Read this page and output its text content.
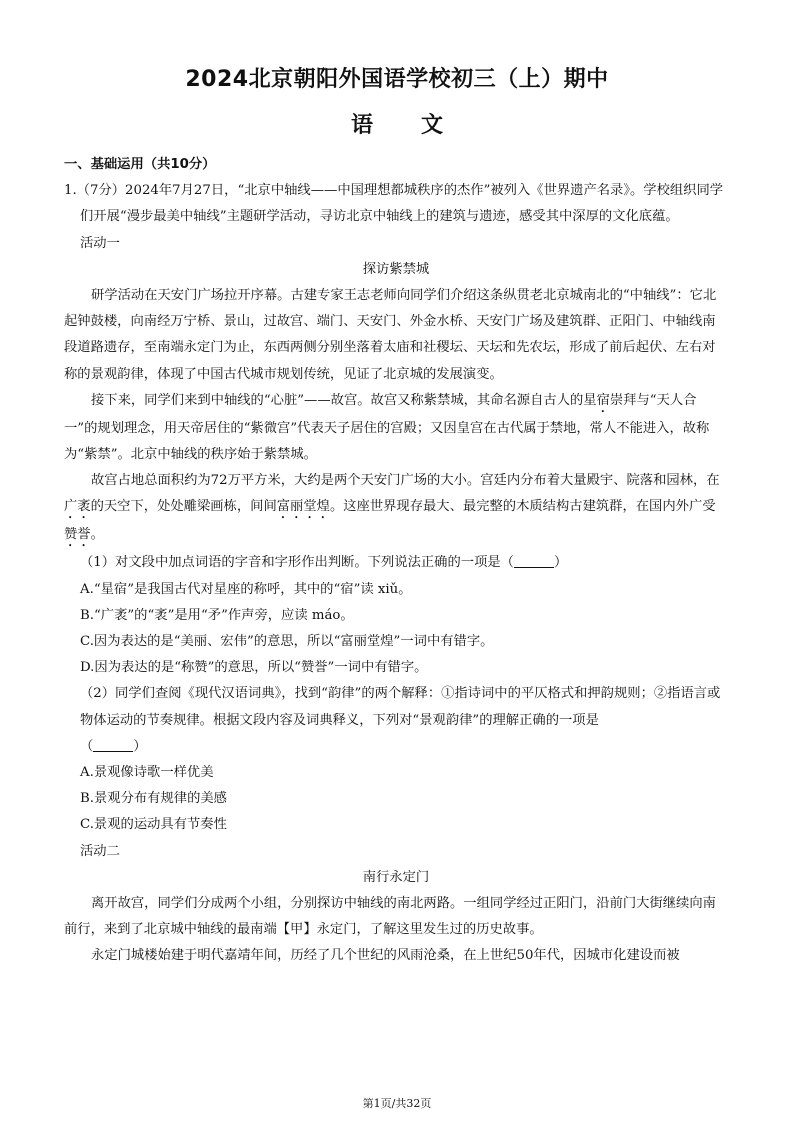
2024北京朝阳外国语学校初三（上）期中
语 文
一、基础运用（共10分）

1.（7分）2024年7月27日，“北京中轴线——中国理想都城秩序的杰作”被列入《世界遗产名录》。学校组织同学们开展“漫步最美中轴线”主题研学活动，寻访北京中轴线上的建筑与遗迹，感受其中深厚的文化底蕴。

活动一

探访紫禁城

研学活动在天安门广场拉开序幕。古建专家王志老师向同学们介绍这条纵贯老北京城南北的“中轴线”：它北起钟鼓楼，向南经万宁桥、景山，过故宫、端门、天安门、外金水桥、天安门广场及建筑群、正阳门、中轴线南段道路遗存，至南端永定门为止，东西两侧分别坐落着太庙和社稷坛、天坛和先农坛，形成了前后起伏、左右对称的景观韵律，体现了中国古代城市规划传统，见证了北京城的发展演变。

接下来，同学们来到中轴线的“心脏”——故宫。故宫又称紫禁城，其命名源自古人的星宿崇拜与“天人合一”的规划理念，用天帝居住的“紫微宫”代表天子居住的宫殿；又因皇宫在古代属于禁地，常人不能进入，故称为“紫禁”。北京中轴线的秩序始于紫禁城。

故宫占地总面积约为72万平方米，大约是两个天安门广场的大小。宫廷内分布着大量殿宇、院落和园林，在广袤的天空下，处处雕梁画栋，间间富丽堂煌。这座世界现存最大、最完整的木质结构古建筑群，在国内外广受赞誉。

（1）对文段中加点词语的字音和字形作出判断。下列说法正确的一项是（	）

A.“星宿”是我国古代对星座的称呼，其中的“宿”读 xiǔ。

B.“广袤”的“袤”是用“矛”作声旁，应读 máo。

C.因为表达的是“美丽、宏伟”的意思，所以“富丽堂煌”一词中有错字。

D.因为表达的是“称赞”的意思，所以“赞誉”一词中有错字。

（2）同学们查阅《现代汉语词典》，找到“韵律”的两个解释：①指诗词中的平仄格式和押韵规则；②指语言或物体运动的节奏规律。根据文段内容及词典释义，下列对“景观韵律”的理解正确的一项是

（	）

A.景观像诗歌一样优美

B.景观分布有规律的美感

C.景观的运动具有节奏性

活动二

南行永定门

离开故宫，同学们分成两个小组，分别探访中轴线的南北两路。一组同学经过正阳门，沿前门大街继续向南前行，来到了北京城中轴线的最南端【甲】永定门，了解这里发生过的历史故事。

永定门城楼始建于明代嘉靖年间，历经了几个世纪的风雨沧桑，在上世纪50年代，因城市化建设而被

第1页/共32页
